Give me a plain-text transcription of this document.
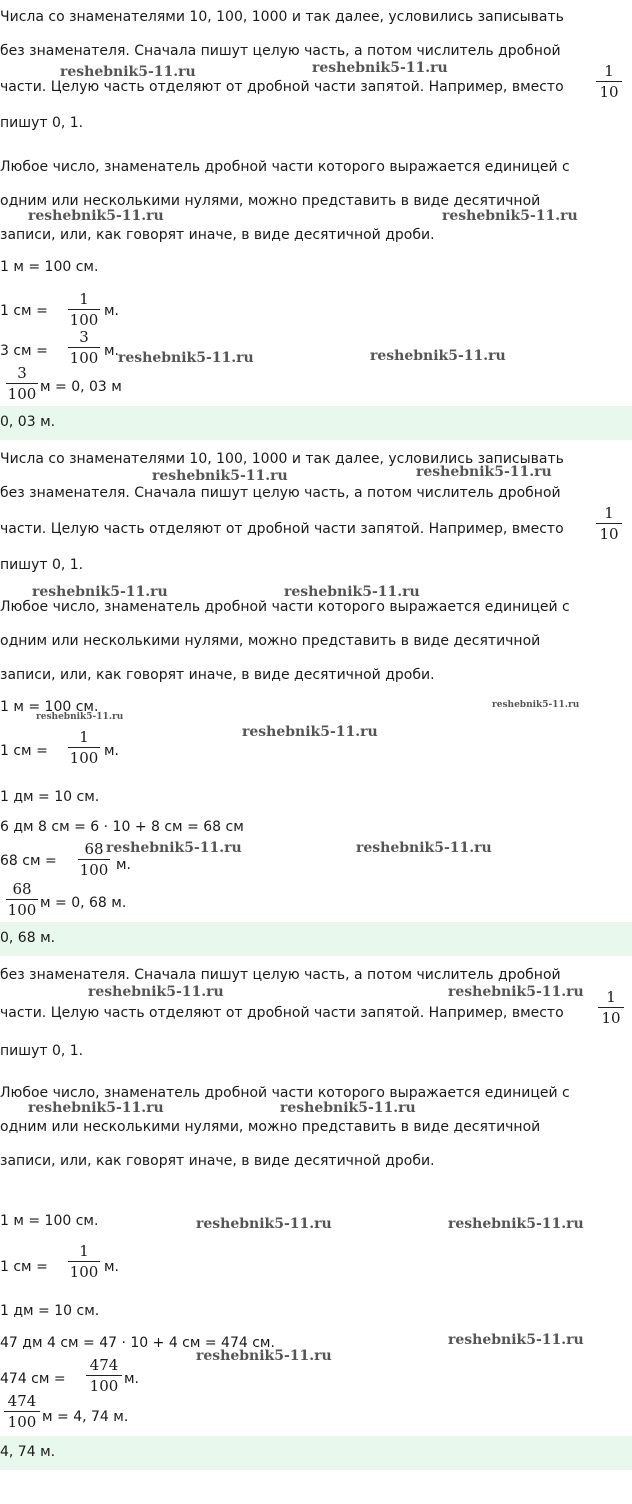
Числа со знаменателями 10, 100, 1000 и так далее, условились записывать
без знаменателя. Сначала пишут целую часть, а потом числитель дробной
части. Целую часть отделяют от дробной части запятой. Например, вместо
1
10
пишут 0, 1.
Любое число, знаменатель дробной части которого выражается единицей с
одним или несколькими нулями, можно представить в виде десятичной
записи, или, как говорят иначе, в виде десятичной дроби.
1 м = 100 см.
1 см =
1
100 м.
3 см =
3
100 м.
3
100 м = 0, 03 м
0, 03 м.
Числа со знаменателями 10, 100, 1000 и так далее, условились записывать
без знаменателя. Сначала пишут целую часть, а потом числитель дробной
части. Целую часть отделяют от дробной части запятой. Например, вместо
1
10
пишут 0, 1.
Любое число, знаменатель дробной части которого выражается единицей с
одним или несколькими нулями, можно представить в виде десятичной
записи, или, как говорят иначе, в виде десятичной дроби.
1 м = 100 см.
1 см =
1
100 м.
1 дм = 10 см.
6 дм 8 см = 6 · 10 + 8 см = 68 см
68 см =
68
100 м.
68
100 м = 0, 68 м.
0, 68 м.
без знаменателя. Сначала пишут целую часть, а потом числитель дробной
части. Целую часть отделяют от дробной части запятой. Например, вместо
1
10
пишут 0, 1.
Любое число, знаменатель дробной части которого выражается единицей с
одним или несколькими нулями, можно представить в виде десятичной
записи, или, как говорят иначе, в виде десятичной дроби.
1 м = 100 см.
1 см =
1
100 м.
1 дм = 10 см.
47 дм 4 см = 47 · 10 + 4 см = 474 см.
474 см =
474
100 м.
474
100 м = 4, 74 м.
4, 74 м.
reshebnik5-11.ru	reshebnik5-11.ru
reshebnik5-11.ru	reshebnik5-11.ru
reshebnik5-11.ru	reshebnik5-11.ru
reshebnik5-11.ru	reshebnik5-11.ru
reshebnik5-11.ru	reshebnik5-11.ru
reshebnik5-11.ru
reshebnik5-11.ru
reshebnik5-11.ru
reshebnik5-11.ru	reshebnik5-11.ru
reshebnik5-11.ru	reshebnik5-11.ru
reshebnik5-11.ru	reshebnik5-11.ru
reshebnik5-11.ru	reshebnik5-11.ru
reshebnik5-11.ru
reshebnik5-11.ru
